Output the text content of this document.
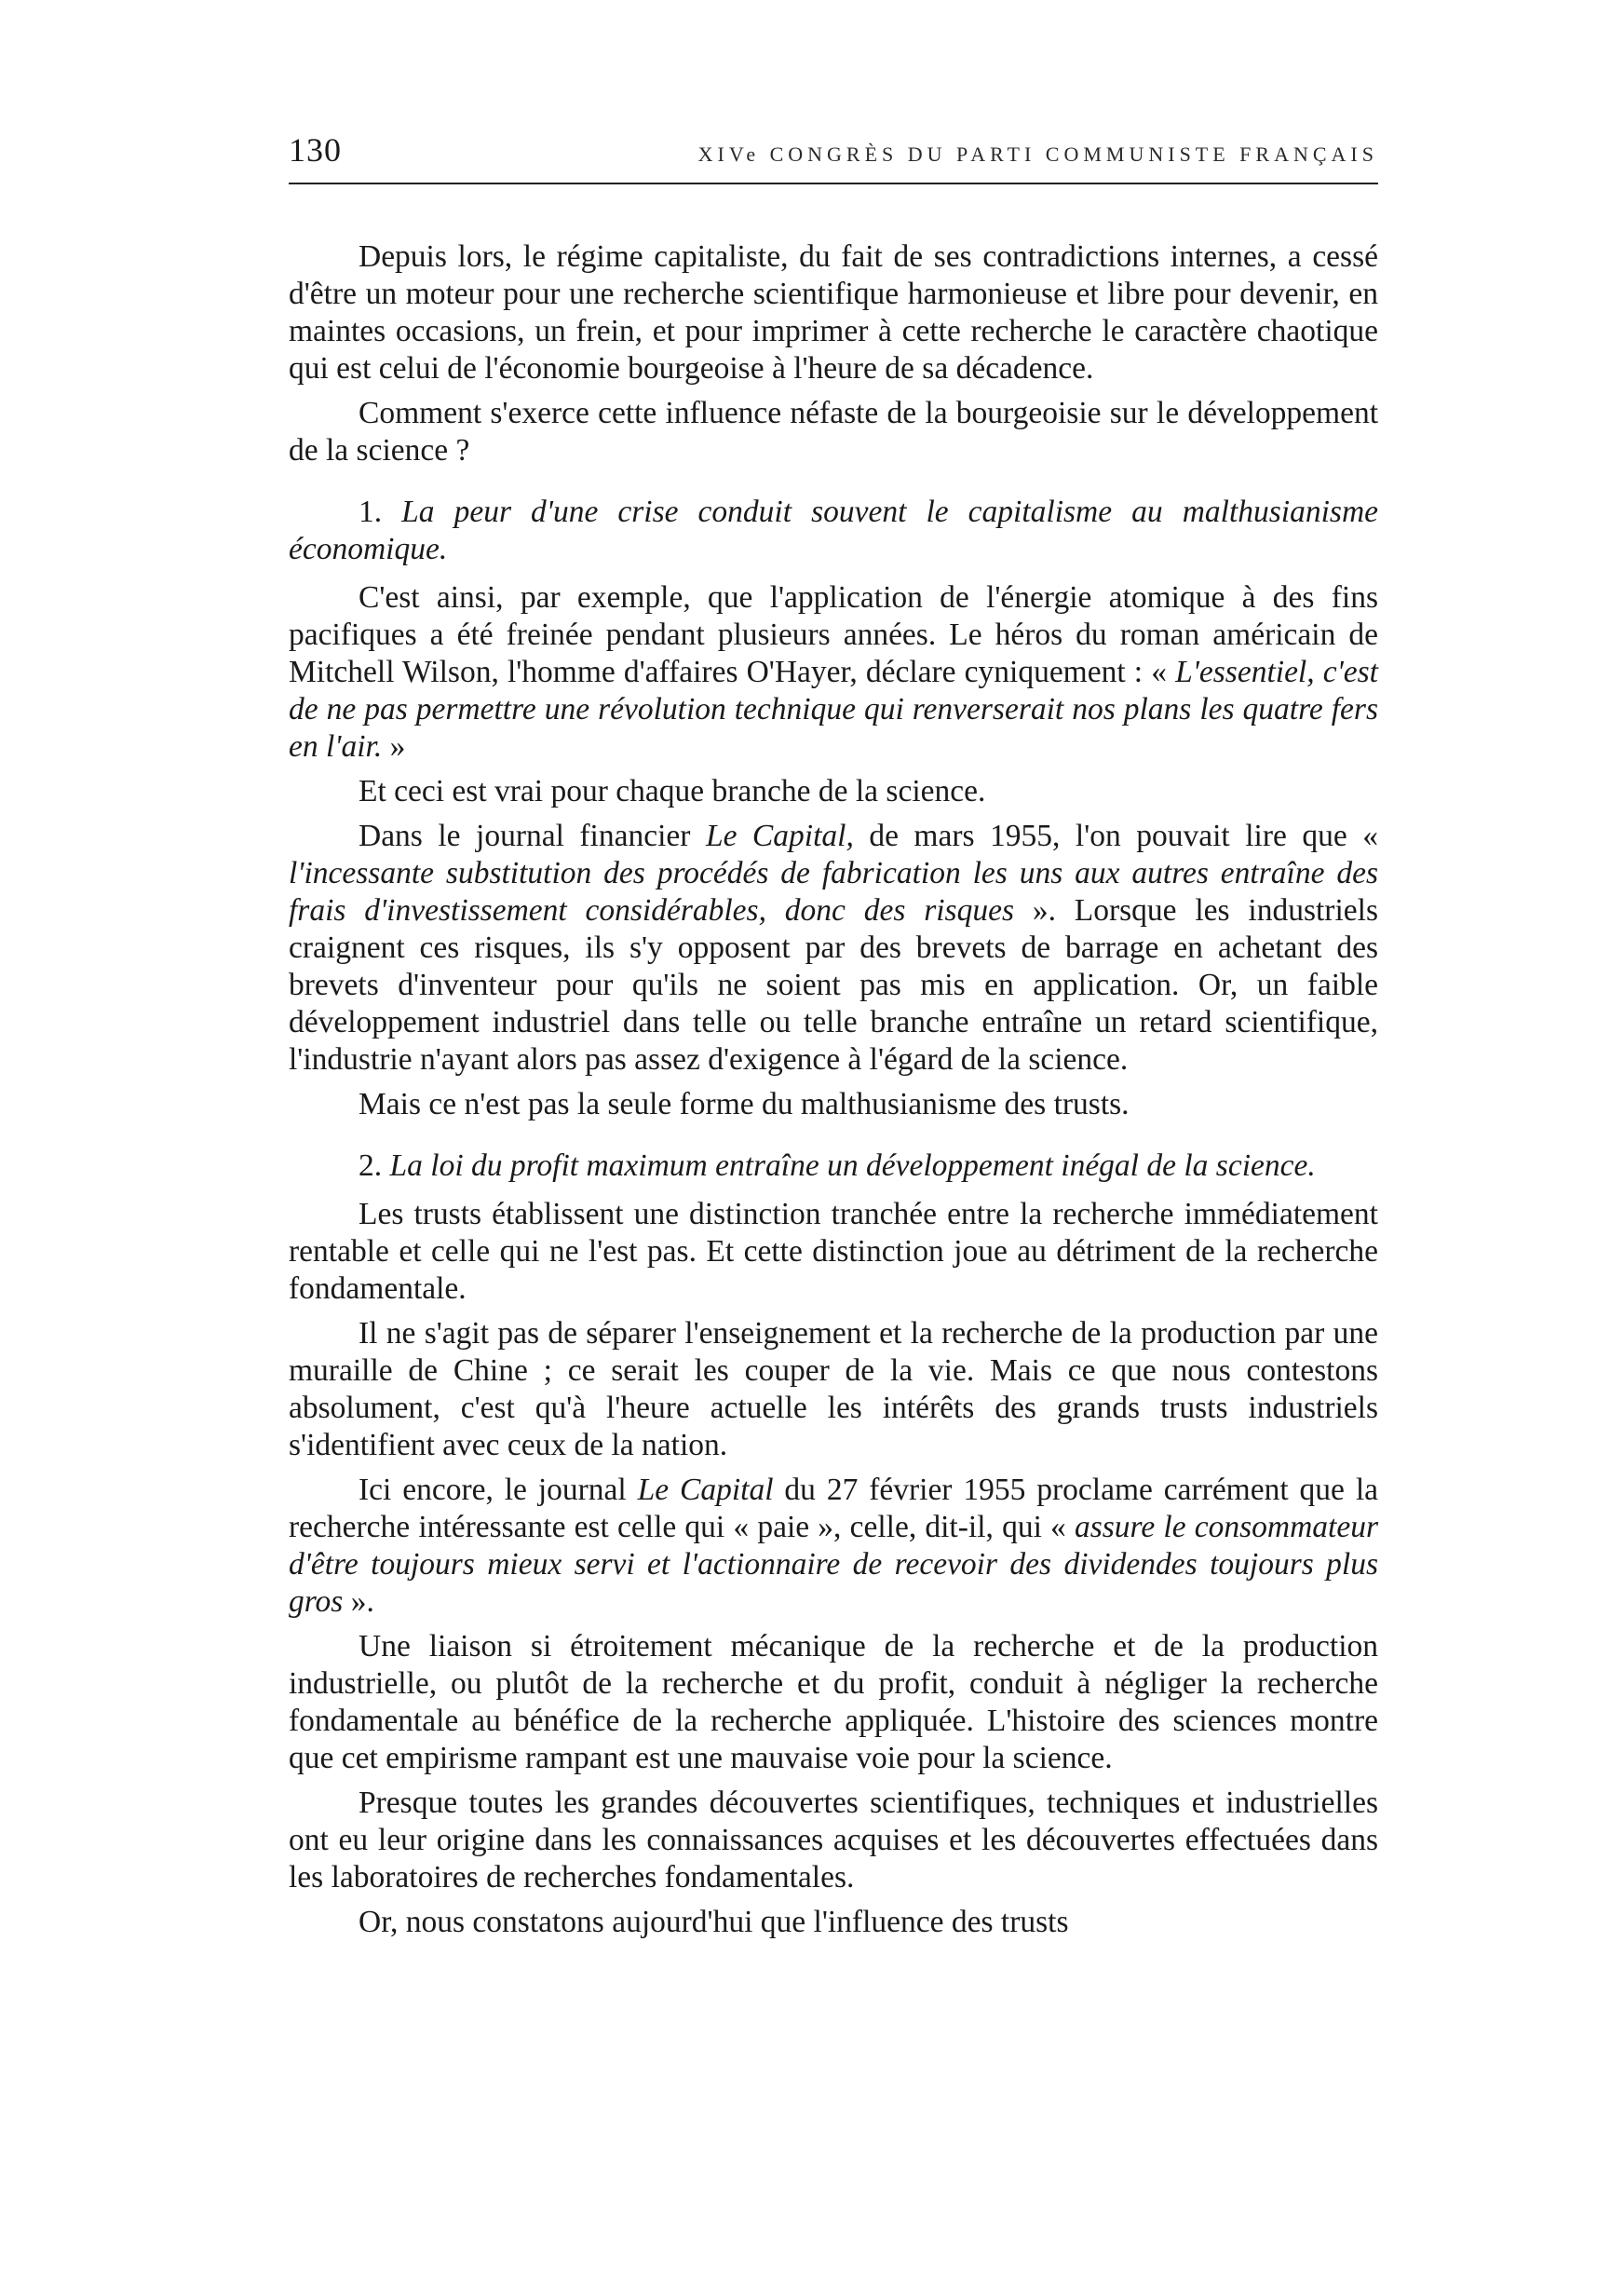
130	XIVe CONGRÈS DU PARTI COMMUNISTE FRANÇAIS

Depuis lors, le régime capitaliste, du fait de ses contradictions internes, a cessé d'être un moteur pour une recherche scientifique harmonieuse et libre pour devenir, en maintes occasions, un frein, et pour imprimer à cette recherche le caractère chaotique qui est celui de l'économie bourgeoise à l'heure de sa décadence.

Comment s'exerce cette influence néfaste de la bourgeoisie sur le développement de la science ?

1. La peur d'une crise conduit souvent le capitalisme au malthusianisme économique.

C'est ainsi, par exemple, que l'application de l'énergie atomique à des fins pacifiques a été freinée pendant plusieurs années. Le héros du roman américain de Mitchell Wilson, l'homme d'affaires O'Hayer, déclare cyniquement : « L'essentiel, c'est de ne pas permettre une révolution technique qui renverserait nos plans les quatre fers en l'air. »

Et ceci est vrai pour chaque branche de la science.

Dans le journal financier Le Capital, de mars 1955, l'on pouvait lire que « l'incessante substitution des procédés de fabrication les uns aux autres entraîne des frais d'investissement considérables, donc des risques ». Lorsque les industriels craignent ces risques, ils s'y opposent par des brevets de barrage en achetant des brevets d'inventeur pour qu'ils ne soient pas mis en application. Or, un faible développement industriel dans telle ou telle branche entraîne un retard scientifique, l'industrie n'ayant alors pas assez d'exigence à l'égard de la science.

Mais ce n'est pas la seule forme du malthusianisme des trusts.

2. La loi du profit maximum entraîne un développement inégal de la science.

Les trusts établissent une distinction tranchée entre la recherche immédiatement rentable et celle qui ne l'est pas. Et cette distinction joue au détriment de la recherche fondamentale.

Il ne s'agit pas de séparer l'enseignement et la recherche de la production par une muraille de Chine ; ce serait les couper de la vie. Mais ce que nous contestons absolument, c'est qu'à l'heure actuelle les intérêts des grands trusts industriels s'identifient avec ceux de la nation.

Ici encore, le journal Le Capital du 27 février 1955 proclame carrément que la recherche intéressante est celle qui « paie », celle, dit-il, qui « assure le consommateur d'être toujours mieux servi et l'actionnaire de recevoir des dividendes toujours plus gros ».

Une liaison si étroitement mécanique de la recherche et de la production industrielle, ou plutôt de la recherche et du profit, conduit à négliger la recherche fondamentale au bénéfice de la recherche appliquée. L'histoire des sciences montre que cet empirisme rampant est une mauvaise voie pour la science.

Presque toutes les grandes découvertes scientifiques, techniques et industrielles ont eu leur origine dans les connaissances acquises et les découvertes effectuées dans les laboratoires de recherches fondamentales.

Or, nous constatons aujourd'hui que l'influence des trusts
